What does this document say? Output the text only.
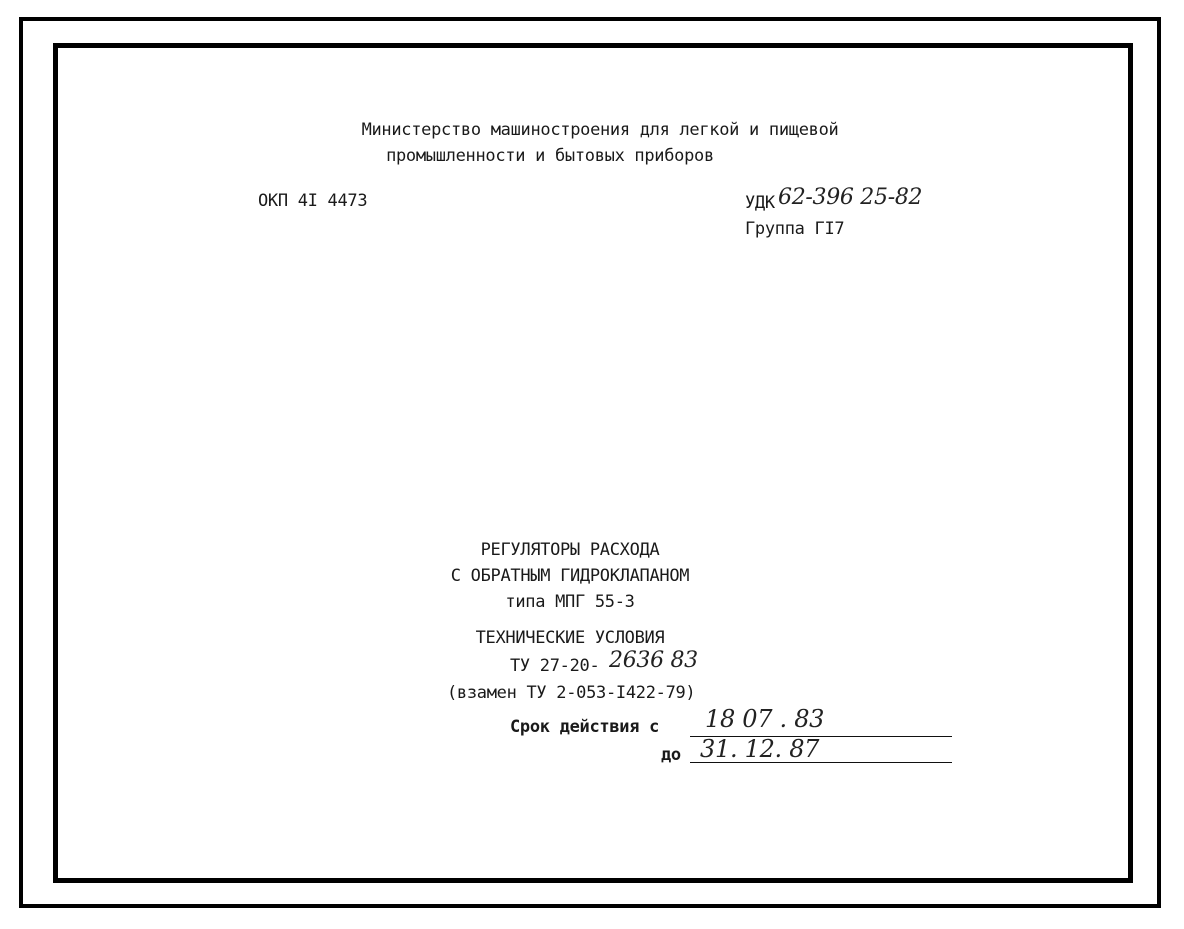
Министерство машиностроения для легкой и пищевой
промышленности и бытовых приборов
ОКП 4I 4473	УДК 62-396 25-82
Группа ГI7
РЕГУЛЯТОРЫ РАСХОДА
С ОБРАТНЫМ ГИДРОКЛАПАНОМ
типа МПГ 55-3
ТЕХНИЧЕСКИЕ УСЛОВИЯ
ТУ 27-20- 2636 83
(взамен ТУ 2-053-I422-79)
Срок действия с 18 07 . 83
до 31. 12. 87
